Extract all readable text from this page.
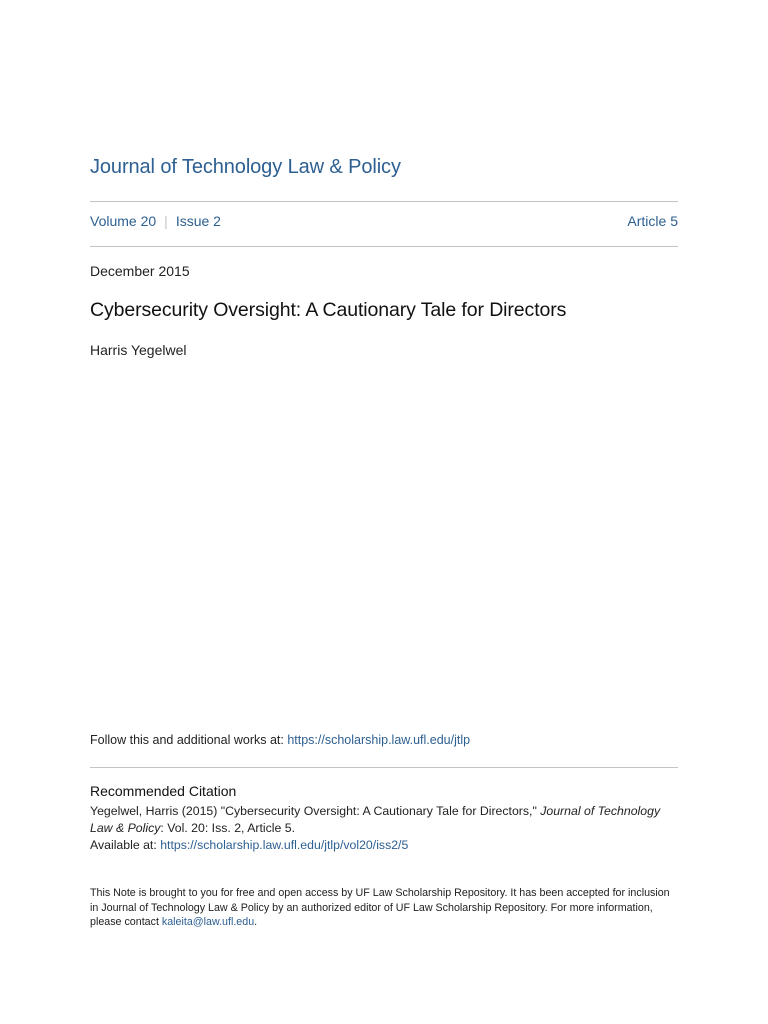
Journal of Technology Law & Policy
Volume 20 | Issue 2	Article 5
December 2015
Cybersecurity Oversight: A Cautionary Tale for Directors
Harris Yegelwel
Follow this and additional works at: https://scholarship.law.ufl.edu/jtlp
Recommended Citation
Yegelwel, Harris (2015) "Cybersecurity Oversight: A Cautionary Tale for Directors," Journal of Technology Law & Policy: Vol. 20: Iss. 2, Article 5.
Available at: https://scholarship.law.ufl.edu/jtlp/vol20/iss2/5
This Note is brought to you for free and open access by UF Law Scholarship Repository. It has been accepted for inclusion in Journal of Technology Law & Policy by an authorized editor of UF Law Scholarship Repository. For more information, please contact kaleita@law.ufl.edu.
